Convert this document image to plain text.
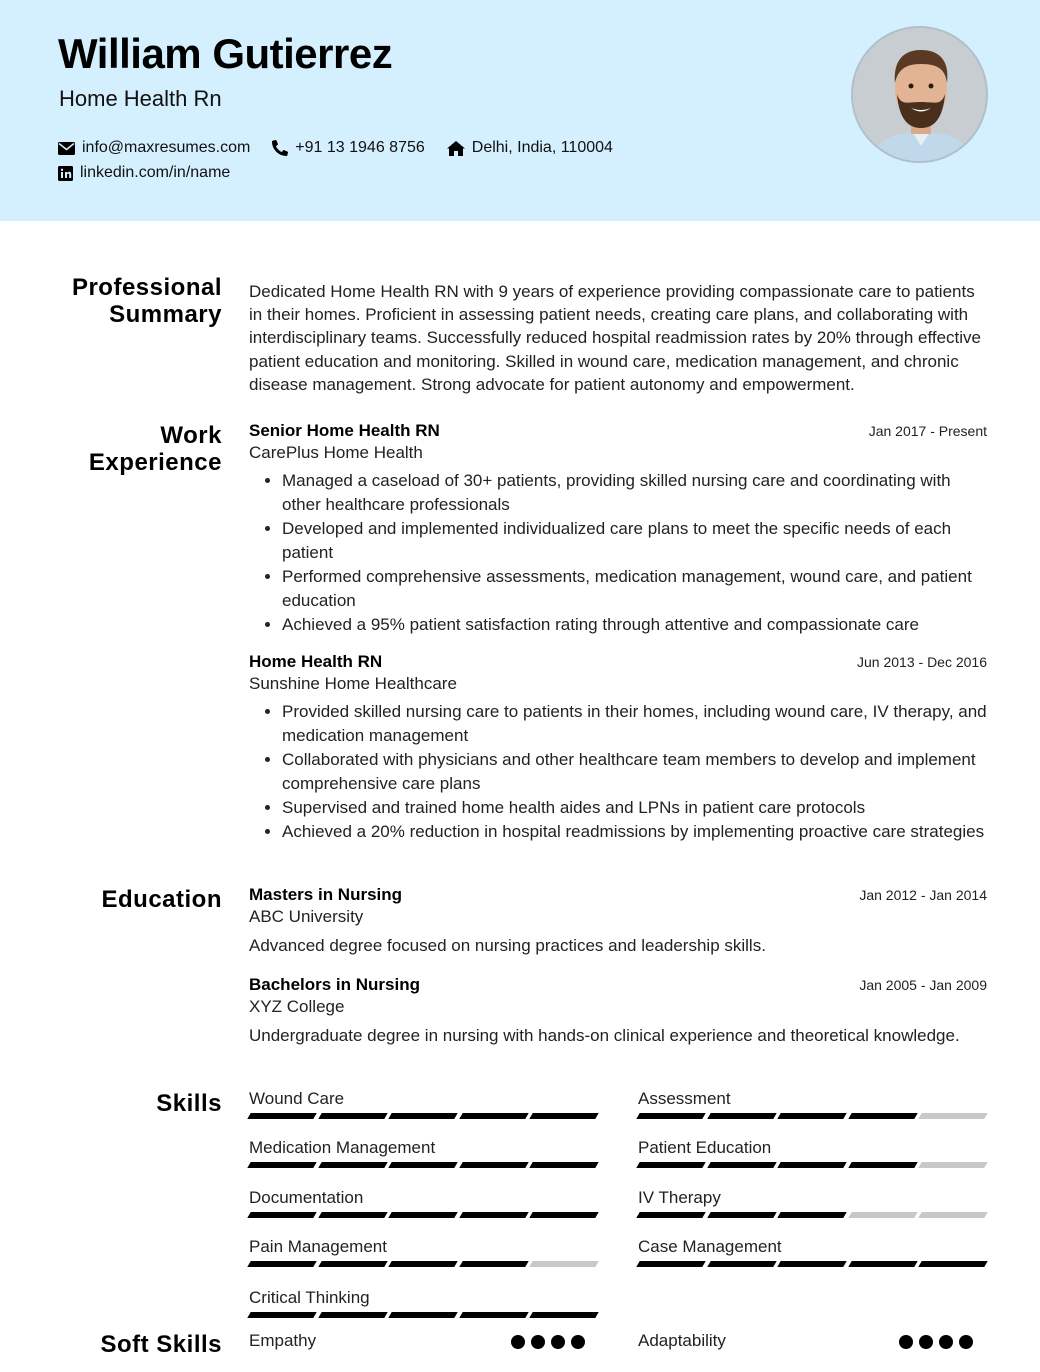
William Gutierrez
Home Health Rn
info@maxresumes.com	+91 13 1946 8756	Delhi, India, 110004
linkedin.com/in/name
Professional
Summary
Dedicated Home Health RN with 9 years of experience providing compassionate care to patients in their homes. Proficient in assessing patient needs, creating care plans, and collaborating with interdisciplinary teams. Successfully reduced hospital readmission rates by 20% through effective patient education and monitoring. Skilled in wound care, medication management, and chronic disease management. Strong advocate for patient autonomy and empowerment.
Work
Experience
Senior Home Health RN	Jan 2017 - Present
CarePlus Home Health
• Managed a caseload of 30+ patients, providing skilled nursing care and coordinating with other healthcare professionals
• Developed and implemented individualized care plans to meet the specific needs of each patient
• Performed comprehensive assessments, medication management, wound care, and patient education
• Achieved a 95% patient satisfaction rating through attentive and compassionate care
Home Health RN	Jun 2013 - Dec 2016
Sunshine Home Healthcare
• Provided skilled nursing care to patients in their homes, including wound care, IV therapy, and medication management
• Collaborated with physicians and other healthcare team members to develop and implement comprehensive care plans
• Supervised and trained home health aides and LPNs in patient care protocols
• Achieved a 20% reduction in hospital readmissions by implementing proactive care strategies
Education Masters in Nursing	Jan 2012 - Jan 2014
ABC University
Advanced degree focused on nursing practices and leadership skills.
Bachelors in Nursing	Jan 2005 - Jan 2009
XYZ College
Undergraduate degree in nursing with hands-on clinical experience and theoretical knowledge.
Skills Wound Care	Assessment
Medication Management	Patient Education
Documentation	IV Therapy
Pain Management	Case Management
Critical Thinking
Soft Skills Empathy	Adaptability
